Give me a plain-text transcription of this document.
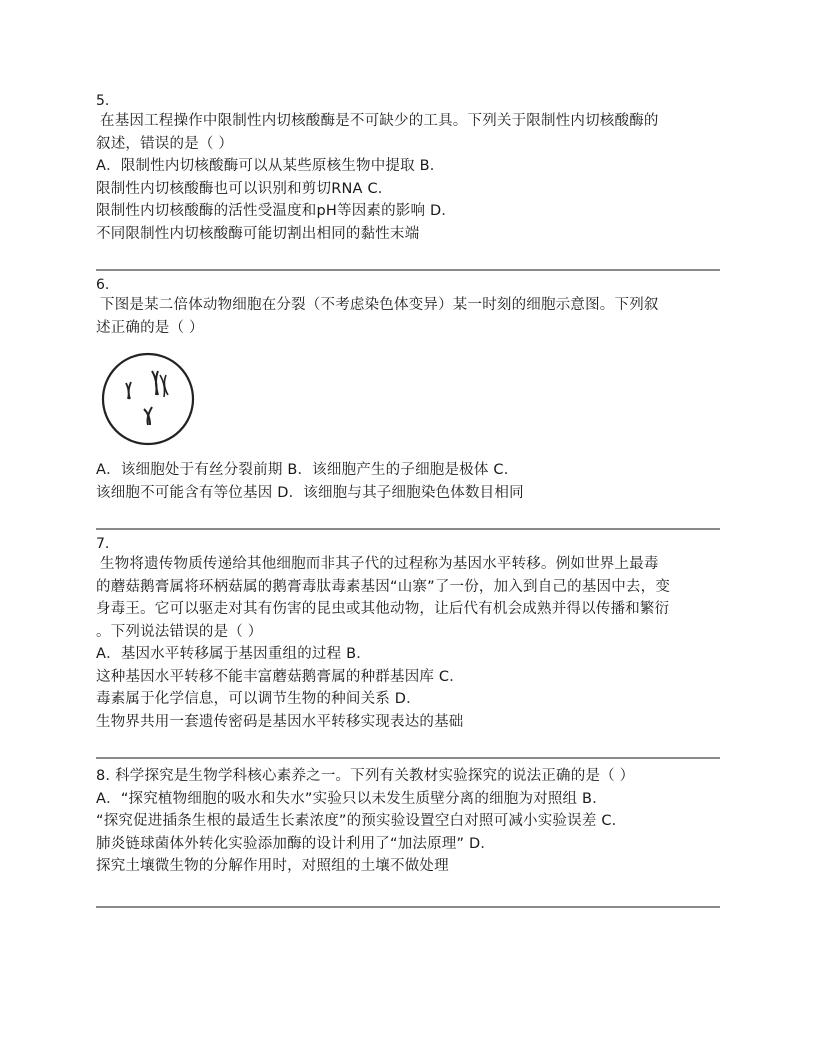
5.
在基因工程操作中限制性内切核酸酶是不可缺少的工具。下列关于限制性内切核酸酶的
叙述，错误的是（ ）
A．限制性内切核酸酶可以从某些原核生物中提取 B．
限制性内切核酸酶也可以识别和剪切RNA C．
限制性内切核酸酶的活性受温度和pH等因素的影响 D．
不同限制性内切核酸酶可能切割出相同的黏性末端
6.
下图是某二倍体动物细胞在分裂（不考虑染色体变异）某一时刻的细胞示意图。下列叙
述正确的是（ ）
A．该细胞处于有丝分裂前期 B．该细胞产生的子细胞是极体 C．
该细胞不可能含有等位基因 D．该细胞与其子细胞染色体数目相同
7.
生物将遗传物质传递给其他细胞而非其子代的过程称为基因水平转移。例如世界上最毒
的蘑菇鹅膏属将环柄菇属的鹅膏毒肽毒素基因“山寨”了一份，加入到自己的基因中去，变
身毒王。它可以驱走对其有伤害的昆虫或其他动物，让后代有机会成熟并得以传播和繁衍
。下列说法错误的是（ ）
A．基因水平转移属于基因重组的过程 B．
这种基因水平转移不能丰富蘑菇鹅膏属的种群基因库 C．
毒素属于化学信息，可以调节生物的种间关系 D．
生物界共用一套遗传密码是基因水平转移实现表达的基础
8. 科学探究是生物学科核心素养之一。下列有关教材实验探究的说法正确的是（ ）
A．“探究植物细胞的吸水和失水”实验只以未发生质壁分离的细胞为对照组 B．
“探究促进插条生根的最适生长素浓度”的预实验设置空白对照可减小实验误差 C．
肺炎链球菌体外转化实验添加酶的设计利用了“加法原理” D．
探究土壤微生物的分解作用时，对照组的土壤不做处理
